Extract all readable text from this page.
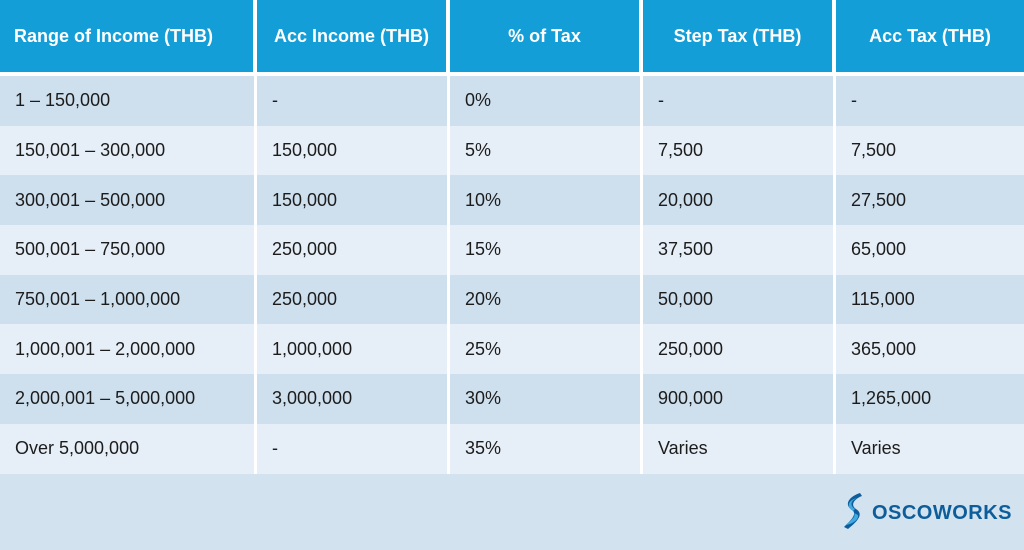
Range of Income (THB)	Acc Income (THB)	% of Tax	Step Tax (THB)	Acc Tax (THB)
1 – 150,000	-	0%	-	-
150,001 – 300,000	150,000	5%	7,500	7,500
300,001 – 500,000	150,000	10%	20,000	27,500
500,001 – 750,000	250,000	15%	37,500	65,000
750,001 – 1,000,000	250,000	20%	50,000	115,000
1,000,001 – 2,000,000	1,000,000	25%	250,000	365,000
2,000,001 – 5,000,000	3,000,000	30%	900,000	1,265,000
Over 5,000,000	-	35%	Varies	Varies
OSCOWORKS
